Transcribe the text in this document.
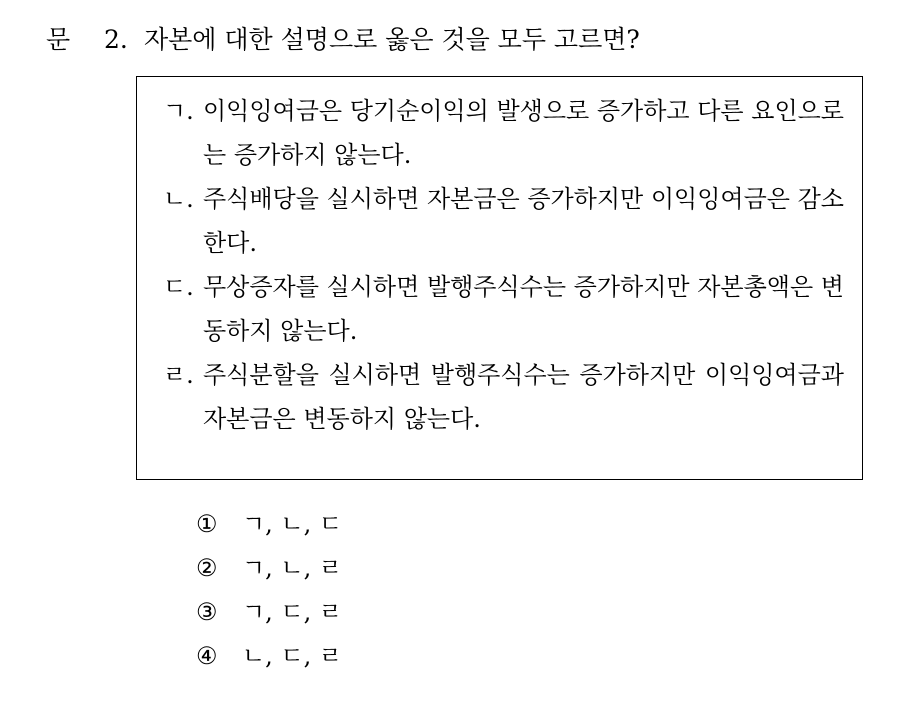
문 2. 자본에 대한 설명으로 옳은 것을 모두 고르면?
ㄱ. 이익잉여금은 당기순이익의 발생으로 증가하고 다른 요인으로는 증가하지 않는다.
ㄴ. 주식배당을 실시하면 자본금은 증가하지만 이익잉여금은 감소한다.
ㄷ. 무상증자를 실시하면 발행주식수는 증가하지만 자본총액은 변동하지 않는다.
ㄹ. 주식분할을 실시하면 발행주식수는 증가하지만 이익잉여금과 자본금은 변동하지 않는다.
①	ㄱ, ㄴ, ㄷ
②	ㄱ, ㄴ, ㄹ
③	ㄱ, ㄷ, ㄹ
④	ㄴ, ㄷ, ㄹ
